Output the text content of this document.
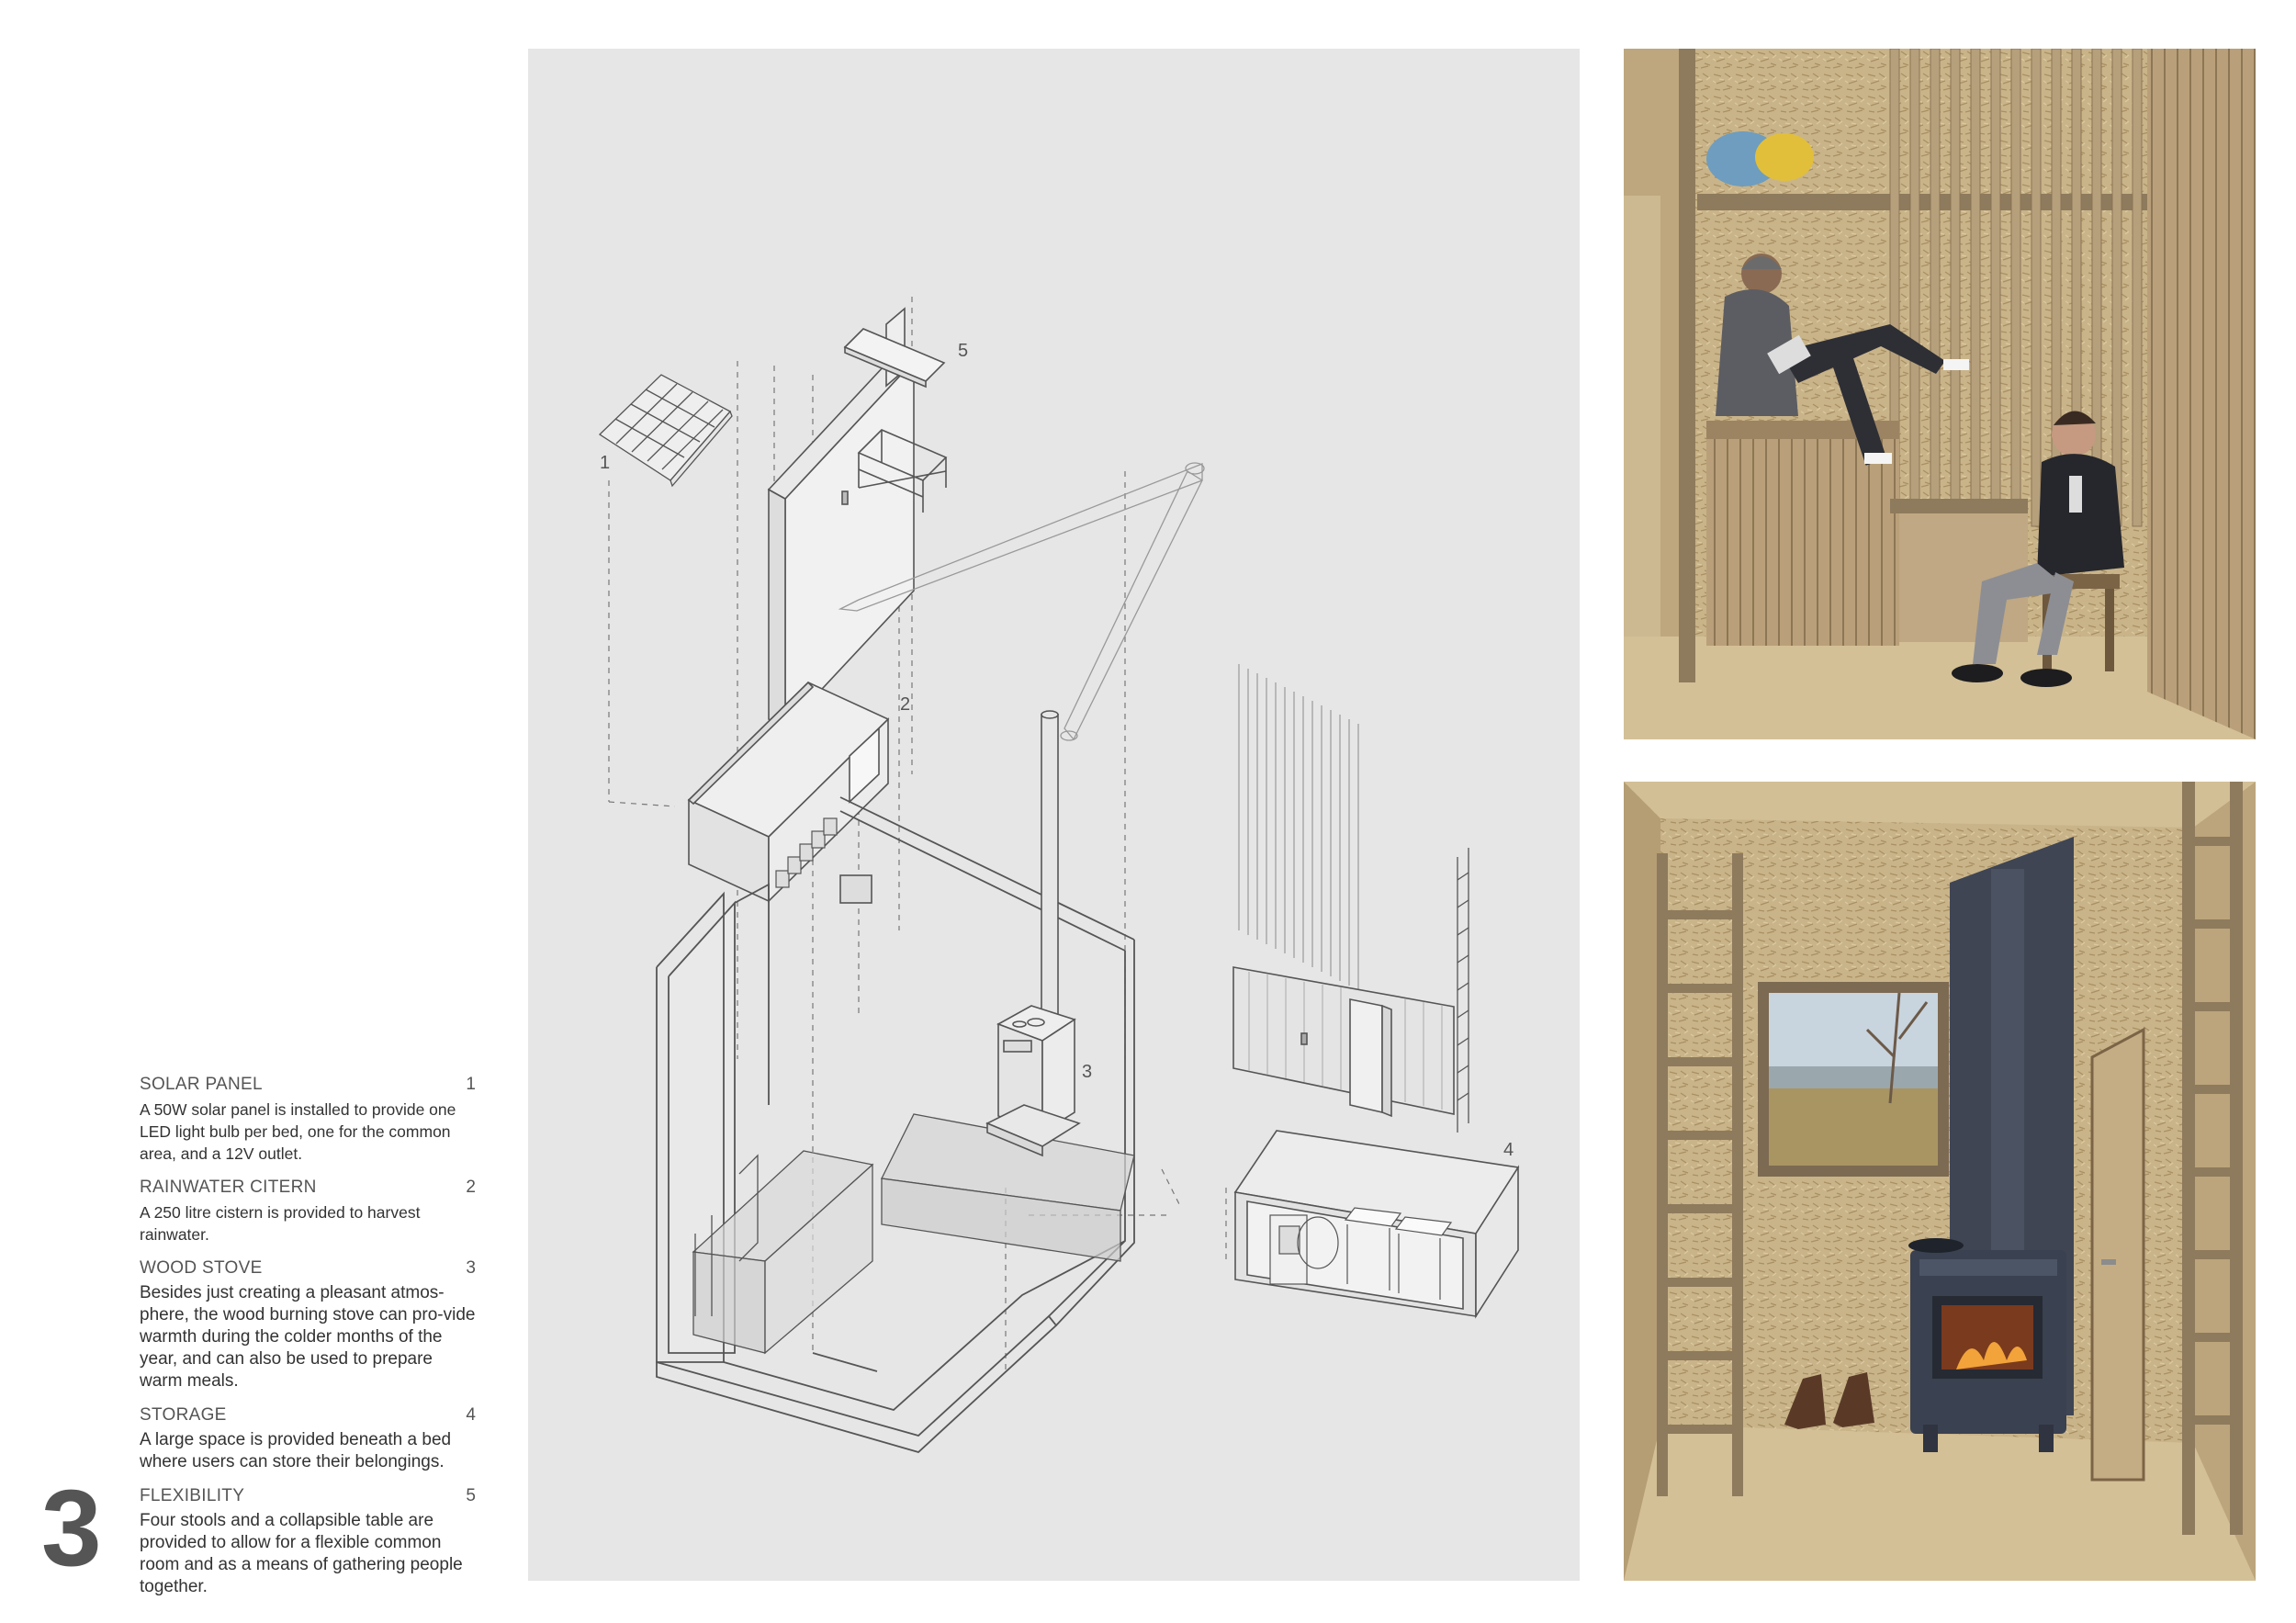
SOLAR PANEL	1
A 50W solar panel is installed to provide one LED light bulb per bed, one for the common area, and a 12V outlet.
RAINWATER CITERN	2
A 250 litre cistern is provided to harvest rainwater.
WOOD STOVE	3
Besides just creating a pleasant atmos-phere, the wood burning stove can pro-vide warmth during the colder months of the year, and can also be used to prepare warm meals.
STORAGE	4
A large space is provided beneath a bed where users can store their belongings.
FLEXIBILITY	5
Four stools and a collapsible table are provided to allow for a flexible common room and as a means of gathering people together.
3
1
2
3
4
5
